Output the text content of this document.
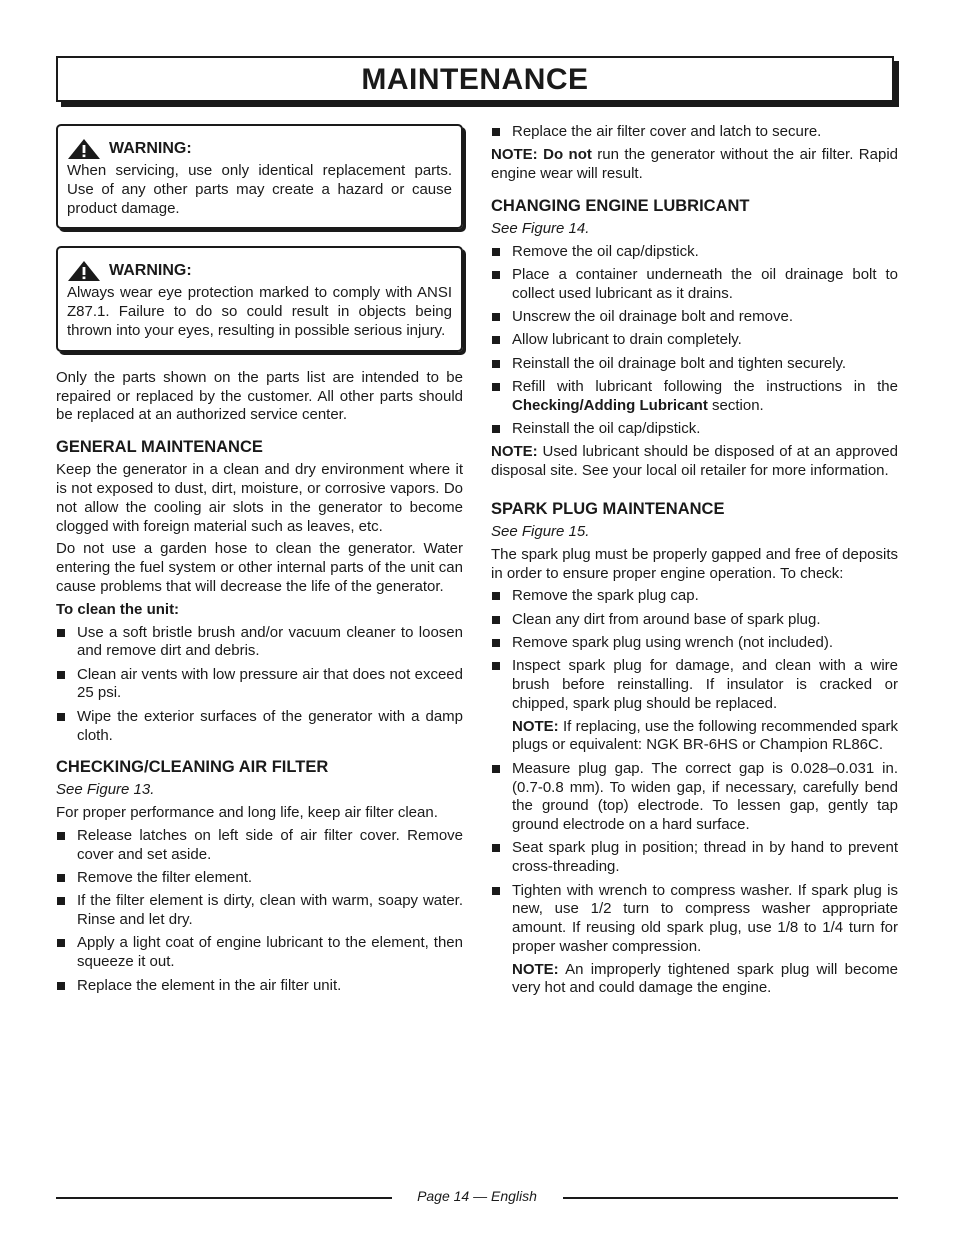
MAINTENANCE
WARNING:

When servicing, use only identical replacement parts. Use of any other parts may create a hazard or cause product damage.

WARNING:

Always wear eye protection marked to comply with ANSI Z87.1. Failure to do so could result in objects being thrown into your eyes, resulting in possible serious injury.

Only the parts shown on the parts list are intended to be repaired or replaced by the customer. All other parts should be replaced at an authorized service center.

GENERAL MAINTENANCE

Keep the generator in a clean and dry environment where it is not exposed to dust, dirt, moisture, or corrosive vapors. Do not allow the cooling air slots in the generator to become clogged with foreign material such as leaves, etc.

Do not use a garden hose to clean the generator. Water entering the fuel system or other internal parts of the unit can cause problems that will decrease the life of the generator.

To clean the unit:

Use a soft bristle brush and/or vacuum cleaner to loosen and remove dirt and debris.
Clean air vents with low pressure air that does not exceed 25 psi.
Wipe the exterior surfaces of the generator with a damp cloth.
CHECKING/CLEANING AIR FILTER

See Figure 13.

For proper performance and long life, keep air filter clean.

Release latches on left side of air filter cover. Remove cover and set aside.
Remove the filter element.
If the filter element is dirty, clean with warm, soapy water. Rinse and let dry.
Apply a light coat of engine lubricant to the element, then squeeze it out.
Replace the element in the air filter unit.
Replace the air filter cover and latch to secure.

NOTE: Do not run the generator without the air filter. Rapid engine wear will result.

CHANGING ENGINE LUBRICANT

See Figure 14.

Remove the oil cap/dipstick.
Place a container underneath the oil drainage bolt to collect used lubricant as it drains.
Unscrew the oil drainage bolt and remove.
Allow lubricant to drain completely.
Reinstall the oil drainage bolt and tighten securely.
Refill with lubricant following the instructions in the Checking/Adding Lubricant section.
Reinstall the oil cap/dipstick.

NOTE: Used lubricant should be disposed of at an approved disposal site. See your local oil retailer for more information.

SPARK PLUG MAINTENANCE

See Figure 15.

The spark plug must be properly gapped and free of deposits in order to ensure proper engine operation. To check:

Remove the spark plug cap.
Clean any dirt from around base of spark plug.
Remove spark plug using wrench (not included).
Inspect spark plug for damage, and clean with a wire brush before reinstalling. If insulator is cracked or chipped, spark plug should be replaced.
NOTE: If replacing, use the following recommended spark plugs or equivalent: NGK BR-6HS or Champion RL86C.
Measure plug gap. The correct gap is 0.028–0.031 in. (0.7-0.8 mm). To widen gap, if necessary, carefully bend the ground (top) electrode. To lessen gap, gently tap ground electrode on a hard surface.
Seat spark plug in position; thread in by hand to prevent cross-threading.
Tighten with wrench to compress washer. If spark plug is new, use 1/2 turn to compress washer appropriate amount. If reusing old spark plug, use 1/8 to 1/4 turn for proper washer compression.
NOTE: An improperly tightened spark plug will become very hot and could damage the engine.
Page 14 — English
